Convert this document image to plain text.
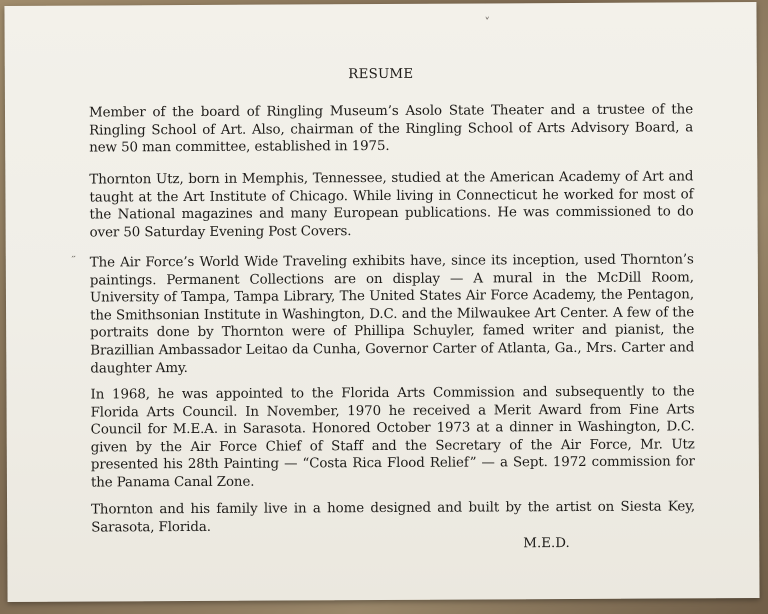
˅
˶
RESUME
Member of the board of Ringling Museum’s Asolo State Theater and a trustee of the Ringling School of Art. Also, chairman of the Ringling School of Arts Advisory Board, a new 50 man committee, established in 1975.
Thornton Utz, born in Memphis, Tennessee, studied at the American Academy of Art and taught at the Art Institute of Chicago. While living in Connecticut he worked for most of the National magazines and many European publications. He was commissioned to do over 50 Saturday Evening Post Covers.
The Air Force’s World Wide Traveling exhibits have, since its inception, used Thornton’s paintings. Permanent Collections are on display — A mural in the McDill Room, University of Tampa, Tampa Library, The United States Air Force Academy, the Pentagon, the Smithsonian Institute in Washington, D.C. and the Milwaukee Art Center. A few of the portraits done by Thornton were of Phillipa Schuyler, famed writer and pianist, the Brazillian Ambassador Leitao da Cunha, Governor Carter of Atlanta, Ga., Mrs. Carter and daughter Amy.
In 1968, he was appointed to the Florida Arts Commission and subsequently to the Florida Arts Council. In November, 1970 he received a Merit Award from Fine Arts Council for M.E.A. in Sarasota. Honored October 1973 at a dinner in Washington, D.C. given by the Air Force Chief of Staff and the Secretary of the Air Force, Mr. Utz presented his 28th Painting — “Costa Rica Flood Relief” — a Sept. 1972 commission for the Panama Canal Zone.
Thornton and his family live in a home designed and built by the artist on Siesta Key, Sarasota, Florida.
M.E.D.
